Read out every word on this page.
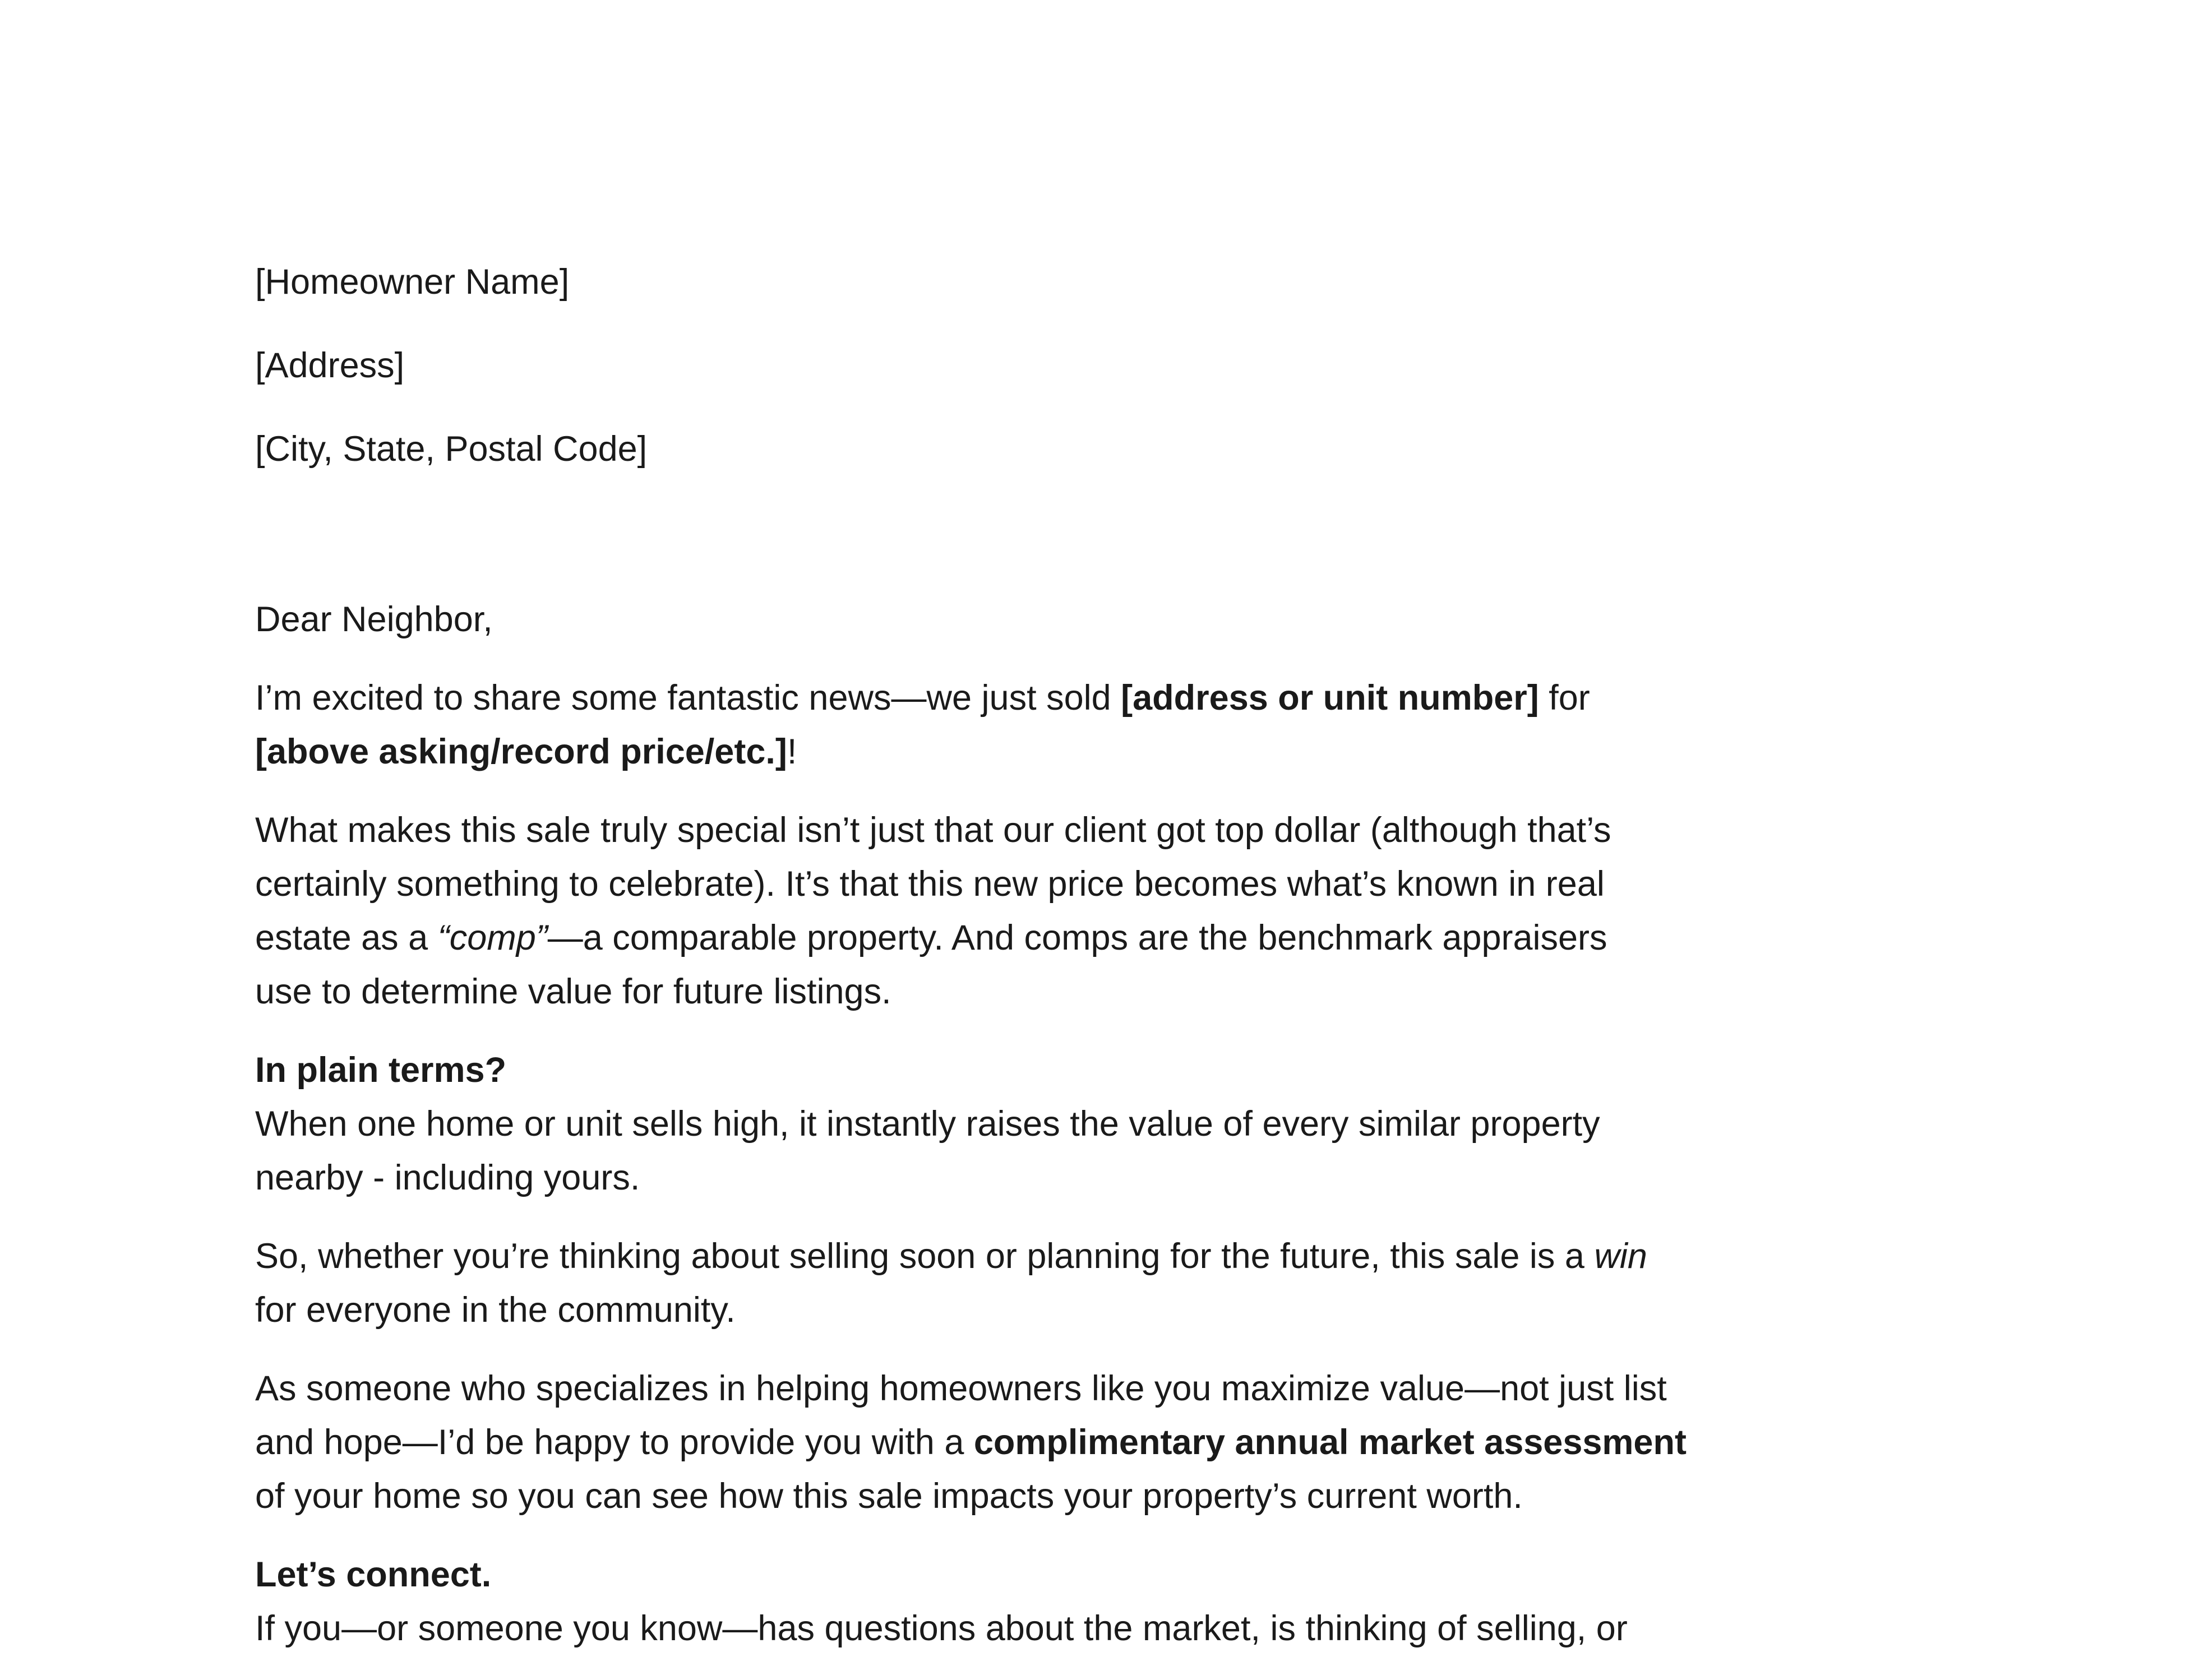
[Homeowner Name]

[Address]

[City, State, Postal Code]

Dear Neighbor,

I’m excited to share some fantastic news—we just sold [address or unit number] for

[above asking/record price/etc.]!

What makes this sale truly special isn’t just that our client got top dollar (although that’s

certainly something to celebrate). It’s that this new price becomes what’s known in real

estate as a “comp”—a comparable property. And comps are the benchmark appraisers

use to determine value for future listings.

In plain terms?

When one home or unit sells high, it instantly raises the value of every similar property

nearby - including yours.

So, whether you’re thinking about selling soon or planning for the future, this sale is a win

for everyone in the community.

As someone who specializes in helping homeowners like you maximize value—not just list

and hope—I’d be happy to provide you with a complimentary annual market assessment

of your home so you can see how this sale impacts your property’s current worth.

Let’s connect.

If you—or someone you know—has questions about the market, is thinking of selling, or
